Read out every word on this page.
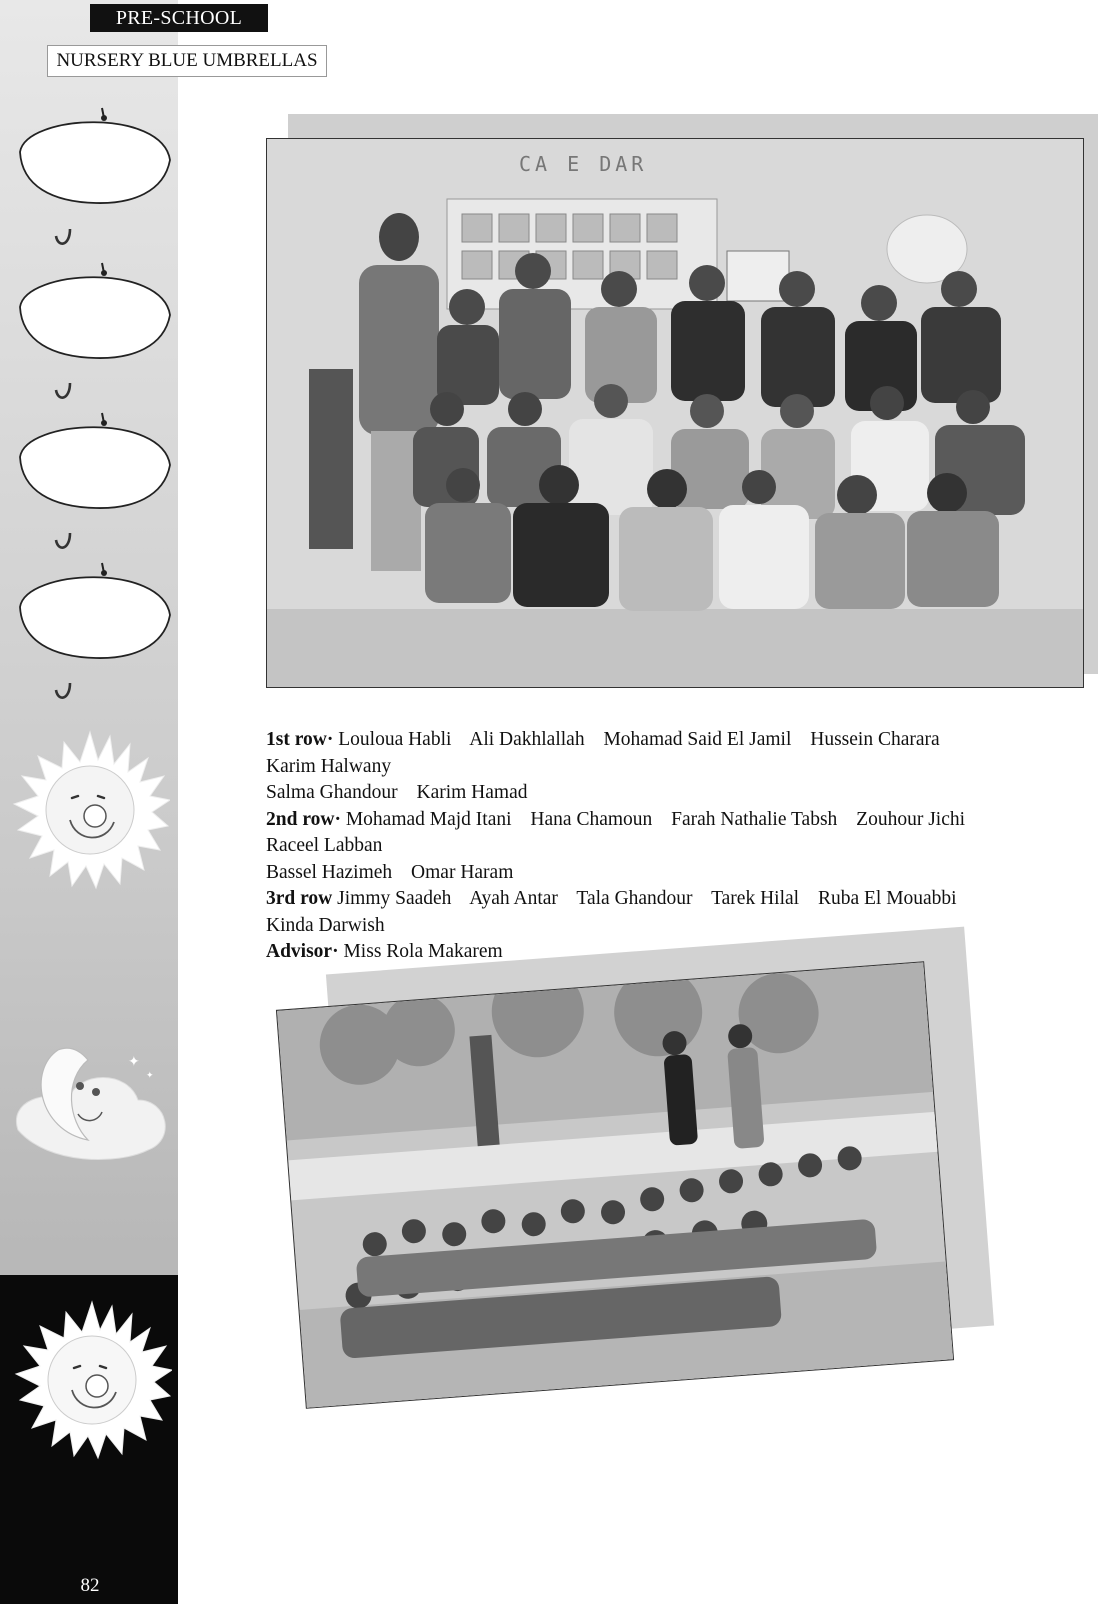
✦
✦
PRE-SCHOOL
NURSERY BLUE UMBRELLAS
CA E DAR
1st row· Louloua Habli Ali Dakhlallah Mohamad Said El Jamil Hussein Charara Karim Halwany
Salma Ghandour Karim Hamad
2nd row· Mohamad Majd Itani Hana Chamoun Farah Nathalie Tabsh Zouhour Jichi Raceel Labban
Bassel Hazimeh Omar Haram
3rd row Jimmy Saadeh Ayah Antar Tala Ghandour Tarek Hilal Ruba El Mouabbi Kinda Darwish
Advisor· Miss Rola Makarem
82
